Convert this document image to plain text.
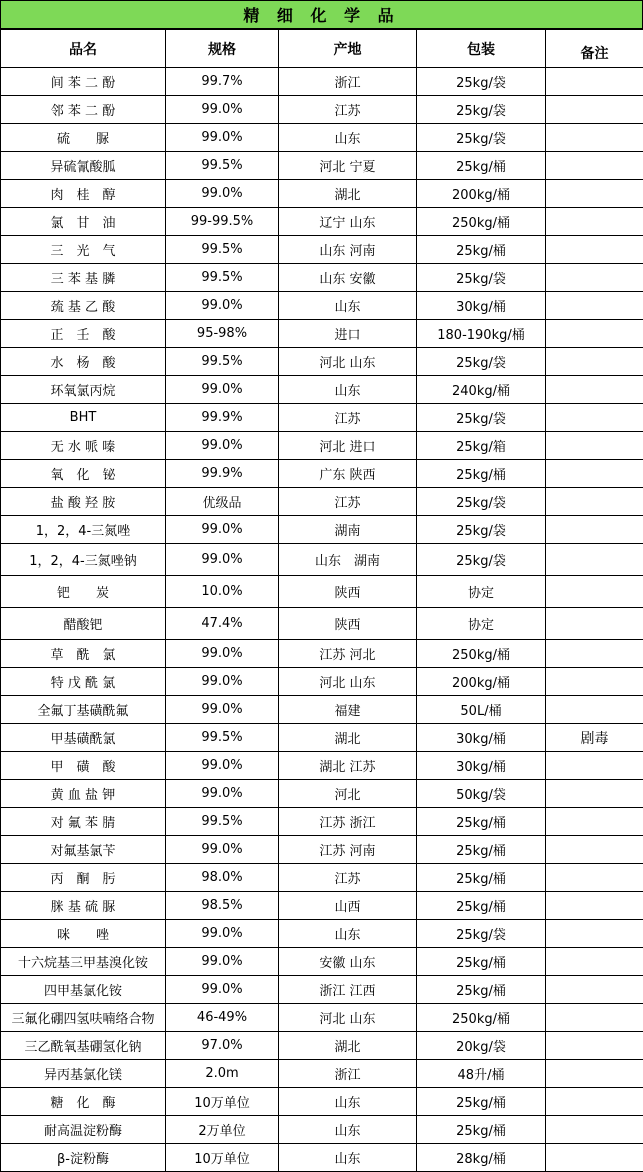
精 细 化 学 品
品名	规格	产地	包装	备注
间 苯 二 酚	99.7%	浙江	25kg/袋	
邻 苯 二 酚	99.0%	江苏	25kg/袋	
硫　　脲	99.0%	山东	25kg/袋	
异硫氰酸胍	99.5%	河北 宁夏	25kg/桶	
肉　桂　醇	99.0%	湖北	200kg/桶	
氯　甘　油	99-99.5%	辽宁 山东	250kg/桶	
三　光　气	99.5%	山东 河南	25kg/桶	
三 苯 基 膦	99.5%	山东 安徽	25kg/袋	
巯 基 乙 酸	99.0%	山东	30kg/桶	
正　壬　酸	95-98%	进口	180-190kg/桶	
水　杨　酸	99.5%	河北 山东	25kg/袋	
环氧氯丙烷	99.0%	山东	240kg/桶	
BHT	99.9%	江苏	25kg/袋	
无 水 哌 嗪	99.0%	河北 进口	25kg/箱	
氧　化　铋	99.9%	广东 陕西	25kg/桶	
盐 酸 羟 胺	优级品	江苏	25kg/袋	
1，2，4-三氮唑	99.0%	湖南	25kg/袋	
1，2，4-三氮唑钠	99.0%	山东　湖南	25kg/袋	
钯　　炭	10.0%	陕西	协定	
醋酸钯	47.4%	陕西	协定	
草　酰　氯	99.0%	江苏 河北	250kg/桶	
特 戊 酰 氯	99.0%	河北 山东	200kg/桶	
全氟丁基磺酰氟	99.0%	福建	50L/桶	
甲基磺酰氯	99.5%	湖北	30kg/桶	剧毒
甲　磺　酸	99.0%	湖北 江苏	30kg/桶	
黄 血 盐 钾	99.0%	河北	50kg/袋	
对 氟 苯 腈	99.5%	江苏 浙江	25kg/桶	
对氟基氯苄	99.0%	江苏 河南	25kg/桶	
丙　酮　肟	98.0%	江苏	25kg/桶	
脒 基 硫 脲	98.5%	山西	25kg/桶	
咪　　唑	99.0%	山东	25kg/袋	
十六烷基三甲基溴化铵	99.0%	安徽 山东	25kg/桶	
四甲基氯化铵	99.0%	浙江 江西	25kg/桶	
三氟化硼四氢呋喃络合物	46-49%	河北 山东	250kg/桶	
三乙酰氧基硼氢化钠	97.0%	湖北	20kg/袋	
异丙基氯化镁	2.0m	浙江	48升/桶	
糖　化　酶	10万单位	山东	25kg/桶	
耐高温淀粉酶	2万单位	山东	25kg/桶	
β-淀粉酶	10万单位	山东	28kg/桶	
